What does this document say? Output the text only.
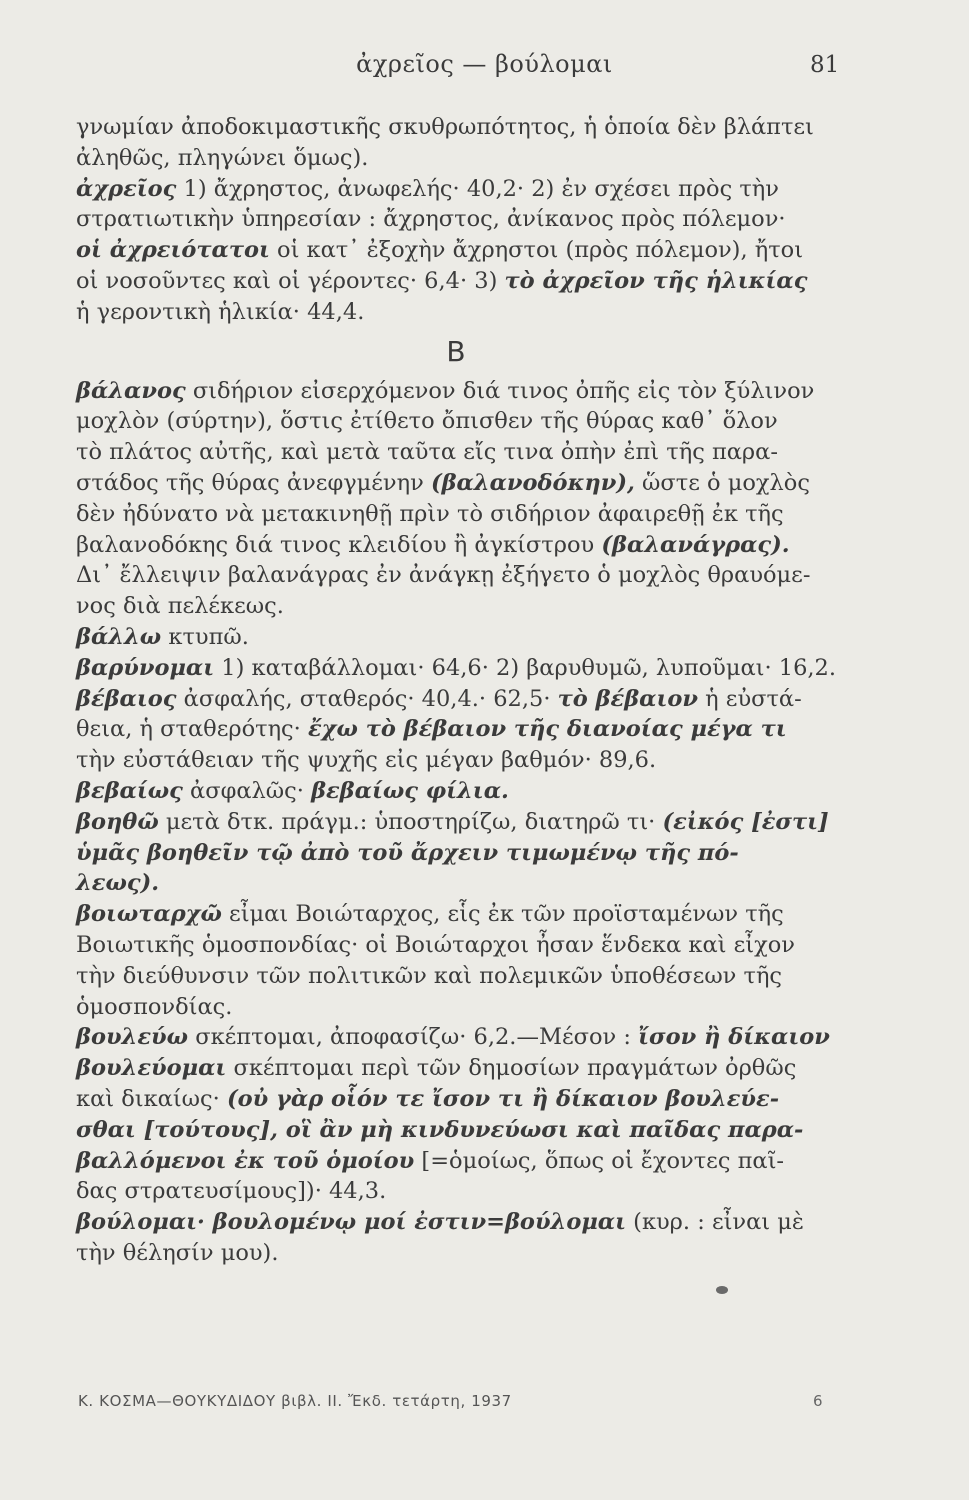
ἀχρεῖος — βούλομαι	81
γνωμίαν ἀποδοκιμαστικῆς σκυθρωπότητος, ἡ ὁποία δὲν βλάπτει
ἀληθῶς, πληγώνει ὅμως).
ἀχρεῖος 1) ἄχρηστος, ἀνωφελής· 40,2· 2) ἐν σχέσει πρὸς τὴν
στρατιωτικὴν ὑπηρεσίαν : ἄχρηστος, ἀνίκανος πρὸς πόλεμον·
οἱ ἀχρειότατοι οἱ κατ᾽ ἐξοχὴν ἄχρηστοι (πρὸς πόλεμον), ἤτοι
οἱ νοσοῦντες καὶ οἱ γέροντες· 6,4· 3) τὸ ἀχρεῖον τῆς ἡλικίας
ἡ γεροντικὴ ἡλικία· 44,4.
Β
βάλανος σιδήριον εἰσερχόμενον διά τινος ὀπῆς εἰς τὸν ξύλινον
μοχλὸν (σύρτην), ὅστις ἐτίθετο ὄπισθεν τῆς θύρας καθ᾽ ὅλον
τὸ πλάτος αὐτῆς, καὶ μετὰ ταῦτα εἴς τινα ὀπὴν ἐπὶ τῆς παρα-
στάδος τῆς θύρας ἀνεφγμένην (βαλανοδόκην), ὥστε ὁ μοχλὸς
δὲν ἠδύνατο νὰ μετακινηθῇ πρὶν τὸ σιδήριον ἀφαιρεθῇ ἐκ τῆς
βαλανοδόκης διά τινος κλειδίου ἢ ἀγκίστρου (βαλανάγρας).
Δι᾽ ἔλλειψιν βαλανάγρας ἐν ἀνάγκῃ ἐξήγετο ὁ μοχλὸς θραυόμε-
νος διὰ πελέκεως.
βάλλω κτυπῶ.
βαρύνομαι 1) καταβάλλομαι· 64,6· 2) βαρυθυμῶ, λυποῦμαι· 16,2.
βέβαιος ἀσφαλής, σταθερός· 40,4.· 62,5· τὸ βέβαιον ἡ εὐστά-
θεια, ἡ σταθερότης· ἔχω τὸ βέβαιον τῆς διανοίας μέγα τι
τὴν εὐστάθειαν τῆς ψυχῆς εἰς μέγαν βαθμόν· 89,6.
βεβαίως ἀσφαλῶς· βεβαίως φίλια.
βοηθῶ μετὰ δτκ. πράγμ.: ὑποστηρίζω, διατηρῶ τι· (εἰκός [ἐστι]
ὑμᾶς βοηθεῖν τῷ ἀπὸ τοῦ ἄρχειν τιμωμένῳ τῆς πό-
λεως).
βοιωταρχῶ εἶμαι Βοιώταρχος, εἷς ἐκ τῶν προϊσταμένων τῆς
Βοιωτικῆς ὁμοσπονδίας· οἱ Βοιώταρχοι ἦσαν ἕνδεκα καὶ εἶχον
τὴν διεύθυνσιν τῶν πολιτικῶν καὶ πολεμικῶν ὑποθέσεων τῆς
ὁμοσπονδίας.
βουλεύω σκέπτομαι, ἀποφασίζω· 6,2.—Μέσον : ἴσον ἢ δίκαιον
βουλεύομαι σκέπτομαι περὶ τῶν δημοσίων πραγμάτων ὀρθῶς
καὶ δικαίως· (οὐ γὰρ οἷόν τε ἴσον τι ἢ δίκαιον βουλεύε-
σθαι [τούτους], οἳ ἂν μὴ κινδυνεύωσι καὶ παῖδας παρα-
βαλλόμενοι ἐκ τοῦ ὁμοίου [=ὁμοίως, ὅπως οἱ ἔχοντες παῖ-
δας στρατευσίμους])· 44,3.
βούλομαι· βουλομένῳ μοί ἐστιν=βούλομαι (κυρ. : εἶναι μὲ
τὴν θέλησίν μου).
Κ. ΚΟΣΜΑ—ΘΟΥΚΥΔΙΔΟΥ βιβλ. ΙΙ. Ἔκδ. τετάρτη, 1937	6
